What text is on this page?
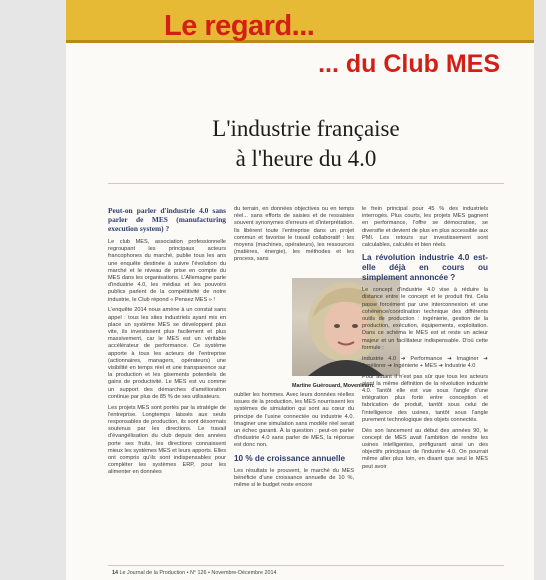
Le regard...
... du Club MES
L'industrie française
à l'heure du 4.0
Peut-on parler d'industrie 4.0 sans parler de MES (manufacturing execution system) ?

Le club MES, association professionnelle regroupant les principaux acteurs francophones du marché, publie tous les ans une enquête destinée à suivre l'évolution du marché et le niveau de prise en compte du MES dans les organisations. L'Allemagne parle d'industrie 4.0, les médias et les pouvoirs publics parlent de la compétitivité de notre industrie, le Club répond « Pensez MES » !

L'enquête 2014 nous amène à un constat sans appel : tous les sites industriels ayant mis en place un système MES se développent plus vite, ils investissent plus facilement et plus massivement, car le MES est un véritable accélérateur de performance. Ce système apporte à tous les acteurs de l'entreprise (actionnaires, managers, opérateurs) une visibilité en temps réel et une transparence sur la production et les gisements potentiels de gains de productivité. Le MES est vu comme un support des démarches d'amélioration continue par plus de 85 % de ses utilisateurs.

Les projets MES sont portés par la stratégie de l'entreprise. Longtemps laissés aux seuls responsables de production, ils sont désormais soutenus par les directions. Le travail d'évangélisation du club depuis des années porte ses fruits, les directions connaissent mieux les systèmes MES et leurs apports. Elles ont compris qu'ils sont indispensables pour compléter les systèmes ERP, pour les alimenter en données

du terrain, en données objectives ou en temps réel... sans efforts de saisies et de ressaisies souvent synonymes d'erreurs et d'interprétation. Ils libèrent toute l'entreprise dans un projet commun et favorise le travail collaboratif : les moyens (machines, opérateurs), les ressources (matières, énergie), les méthodes et les process, sans

Martine Guérouard, Movenlearn.

oublier les hommes. Avec leurs données réelles issues de la production, les MES nourrissent les systèmes de simulation qui sont au cœur du principe de l'usine connectée ou industrie 4.0. Imaginer une simulation sans modèle réel serait un échec garanti. À la question : peut-on parler d'industrie 4.0 sans parler de MES, la réponse est donc non.

10 % de croissance annuelle

Les résultats le prouvent, le marché du MES bénéficie d'une croissance annuelle de 10 %, même si le budget reste encore

le frein principal pour 45 % des industriels interrogés. Plus courts, les projets MES gagnent en performance, l'offre se démocratise, se diversifie et devient de plus en plus accessible aux PMI. Les retours sur investissement sont calculables, calculés et bien réels.

La révolution industrie 4.0 est-elle déjà en cours ou simplement annoncée ?

Le concept d'industrie 4.0 vise à réduire la distance entre le concept et le produit fini. Cela passe forcément par une interconnexion et une cohérence/coordination technique des différents outils de production : ingénierie, gestion de la production, exécution, équipements, exploitation. Dans ce schéma le MES est et reste un acteur majeur et un facilitateur indispensable. D'où cette formule :

Industrie 4.0 ➔ Performance ➔ Imaginer ➔ Améliorer ➔ Ingénierie + MES ➔ Industrie 4.0

Pour autant il n'est pas sûr que tous les acteurs aient la même définition de la révolution industrie 4.0. Tantôt elle est vue sous l'angle d'une intégration plus forte entre conception et fabrication de produit, tantôt sous celui de l'intelligence des usines, tantôt sous l'angle purement technologique des objets connectés.

Dès son lancement au début des années 90, le concept de MES avait l'ambition de rendre les usines intelligentes, préfigurant ainsi un des objectifs principaux de l'industrie 4.0. On pourrait même aller plus loin, en disant que seul le MES peut avoir

14 Le Journal de la Production • N° 126 • Novembre-Décembre 2014
